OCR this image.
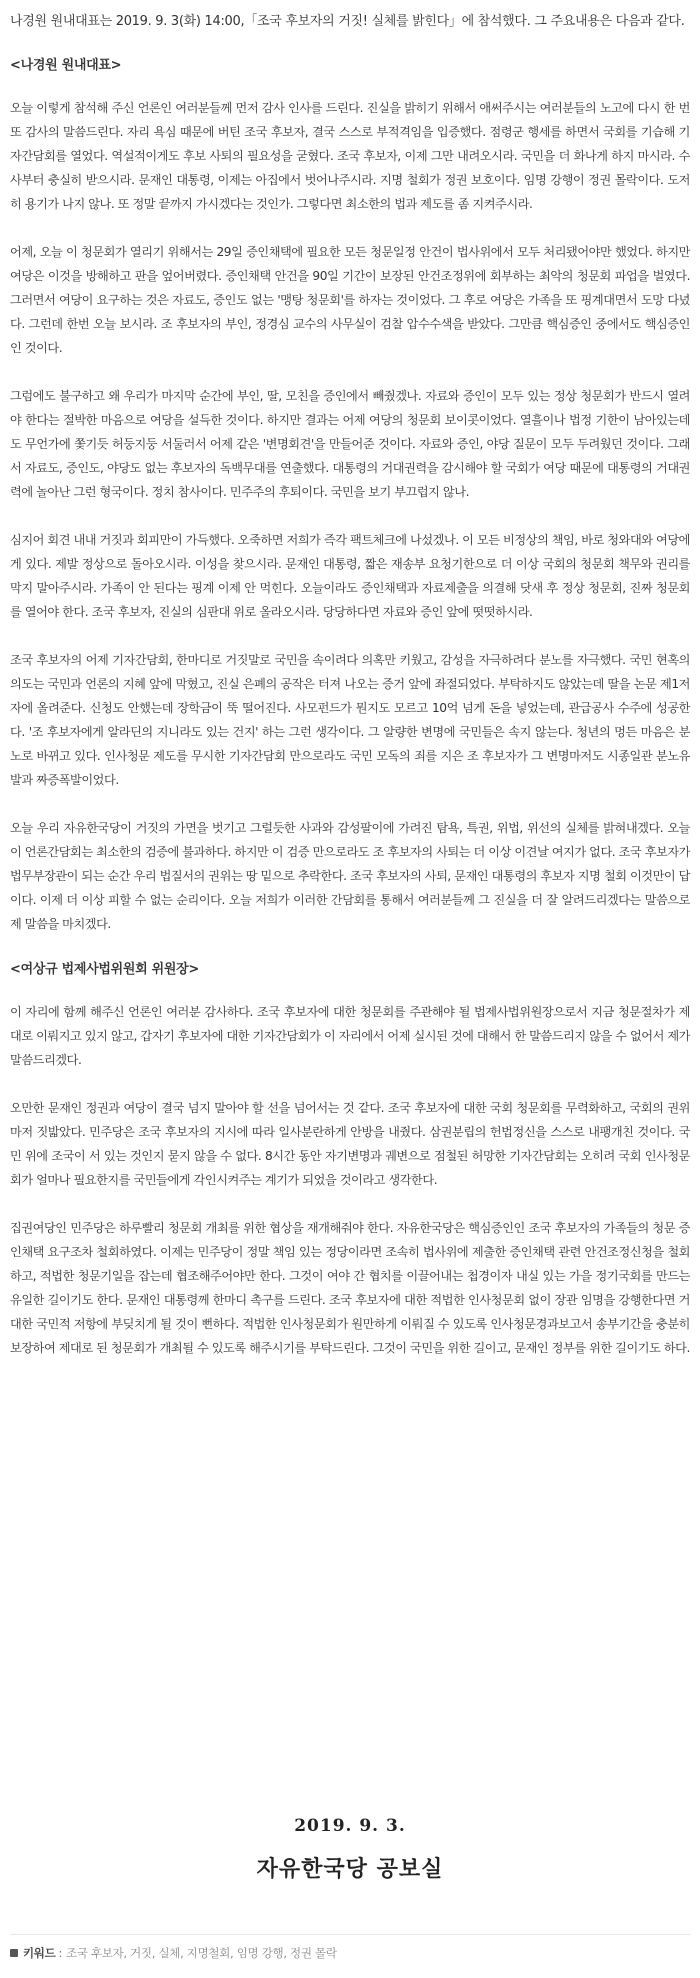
나경원 원내대표는 2019. 9. 3(화) 14:00,「조국 후보자의 거짓! 실체를 밝힌다」에 참석했다. 그 주요내용은 다음과 같다.

<나경원 원내대표>

오늘 이렇게 참석해 주신 언론인 여러분들께 먼저 감사 인사를 드린다. 진실을 밝히기 위해서 애써주시는 여러분들의 노고에 다시 한 번 또 감사의 말씀드린다. 자리 욕심 때문에 버틴 조국 후보자, 결국 스스로 부적격임을 입증했다. 점령군 행세를 하면서 국회를 기습해 기자간담회를 열었다. 역설적이게도 후보 사퇴의 필요성을 굳혔다. 조국 후보자, 이제 그만 내려오시라. 국민을 더 화나게 하지 마시라. 수사부터 충실히 받으시라. 문재인 대통령, 이제는 아집에서 벗어나주시라. 지명 철회가 정권 보호이다. 임명 강행이 정권 몰락이다. 도저히 용기가 나지 않나. 또 정말 끝까지 가시겠다는 것인가. 그렇다면 최소한의 법과 제도를 좀 지켜주시라.

어제, 오늘 이 청문회가 열리기 위해서는 29일 증인채택에 필요한 모든 청문일정 안건이 법사위에서 모두 처리됐어야만 했었다. 하지만 여당은 이것을 방해하고 판을 엎어버렸다. 증인채택 안건을 90일 기간이 보장된 안건조정위에 회부하는 최악의 청문회 파업을 벌였다. 그러면서 여당이 요구하는 것은 자료도, 증인도 없는 '맹탕 청문회'를 하자는 것이었다. 그 후로 여당은 가족을 또 핑계대면서 도망 다녔다. 그런데 한번 오늘 보시라. 조 후보자의 부인, 정경심 교수의 사무실이 검찰 압수수색을 받았다. 그만큼 핵심증인 중에서도 핵심증인인 것이다.

그럼에도 불구하고 왜 우리가 마지막 순간에 부인, 딸, 모친을 증인에서 빼줬겠나. 자료와 증인이 모두 있는 정상 청문회가 반드시 열려야 한다는 절박한 마음으로 여당을 설득한 것이다. 하지만 결과는 어제 여당의 청문회 보이콧이었다. 열흘이나 법정 기한이 남아있는데도 무언가에 쫓기듯 허둥지둥 서둘러서 어제 같은 '변명회견'을 만들어준 것이다. 자료와 증인, 야당 질문이 모두 두려웠던 것이다. 그래서 자료도, 증인도, 야당도 없는 후보자의 독백무대를 연출했다. 대통령의 거대권력을 감시해야 할 국회가 여당 때문에 대통령의 거대권력에 놀아난 그런 형국이다. 정치 참사이다. 민주주의 후퇴이다. 국민을 보기 부끄럽지 않나.

심지어 회견 내내 거짓과 회피만이 가득했다. 오죽하면 저희가 즉각 팩트체크에 나섰겠나. 이 모든 비정상의 책임, 바로 청와대와 여당에게 있다. 제발 정상으로 돌아오시라. 이성을 찾으시라. 문재인 대통령, 짧은 재송부 요청기한으로 더 이상 국회의 청문회 책무와 권리를 막지 말아주시라. 가족이 안 된다는 핑계 이제 안 먹힌다. 오늘이라도 증인채택과 자료제출을 의결해 닷새 후 정상 청문회, 진짜 청문회를 열어야 한다. 조국 후보자, 진실의 심판대 위로 올라오시라. 당당하다면 자료와 증인 앞에 떳떳하시라.

조국 후보자의 어제 기자간담회, 한마디로 거짓말로 국민을 속이려다 의혹만 키웠고, 감성을 자극하려다 분노를 자극했다. 국민 현혹의 의도는 국민과 언론의 지혜 앞에 막혔고, 진실 은폐의 공작은 터져 나오는 증거 앞에 좌절되었다. 부탁하지도 않았는데 딸을 논문 제1저자에 올려준다. 신청도 안했는데 장학금이 뚝 떨어진다. 사모펀드가 뭔지도 모르고 10억 넘게 돈을 넣었는데, 관급공사 수주에 성공한다. '조 후보자에게 알라딘의 지니라도 있는 건지' 하는 그런 생각이다. 그 알량한 변명에 국민들은 속지 않는다. 청년의 멍든 마음은 분노로 바뀌고 있다. 인사청문 제도를 무시한 기자간담회 만으로라도 국민 모독의 죄를 지은 조 후보자가 그 변명마저도 시종일관 분노유발과 짜증폭발이었다.

오늘 우리 자유한국당이 거짓의 가면을 벗기고 그럴듯한 사과와 감성팔이에 가려진 탐욕, 특권, 위법, 위선의 실체를 밝혀내겠다. 오늘 이 언론간담회는 최소한의 검증에 불과하다. 하지만 이 검증 만으로라도 조 후보자의 사퇴는 더 이상 이견날 여지가 없다. 조국 후보자가 법무부장관이 되는 순간 우리 법질서의 권위는 땅 밑으로 추락한다. 조국 후보자의 사퇴, 문재인 대통령의 후보자 지명 철회 이것만이 답이다. 이제 더 이상 피할 수 없는 순리이다. 오늘 저희가 이러한 간담회를 통해서 여러분들께 그 진실을 더 잘 알려드리겠다는 말씀으로 제 말씀을 마치겠다.

<여상규 법제사법위원회 위원장>

이 자리에 함께 해주신 언론인 여러분 감사하다. 조국 후보자에 대한 청문회를 주관해야 될 법제사법위원장으로서 지금 청문절차가 제대로 이뤄지고 있지 않고, 갑자기 후보자에 대한 기자간담회가 이 자리에서 어제 실시된 것에 대해서 한 말씀드리지 않을 수 없어서 제가 말씀드리겠다.

오만한 문재인 정권과 여당이 결국 넘지 말아야 할 선을 넘어서는 것 같다. 조국 후보자에 대한 국회 청문회를 무력화하고, 국회의 권위마저 짓밟았다. 민주당은 조국 후보자의 지시에 따라 일사분란하게 안방을 내줬다. 삼권분립의 헌법정신을 스스로 내팽개친 것이다. 국민 위에 조국이 서 있는 것인지 묻지 않을 수 없다. 8시간 동안 자기변명과 궤변으로 점철된 허망한 기자간담회는 오히려 국회 인사청문회가 얼마나 필요한지를 국민들에게 각인시켜주는 계기가 되었을 것이라고 생각한다.

집권여당인 민주당은 하루빨리 청문회 개최를 위한 협상을 재개해줘야 한다. 자유한국당은 핵심증인인 조국 후보자의 가족들의 청문 증인채택 요구조차 철회하였다. 이제는 민주당이 정말 책임 있는 정당이라면 조속히 법사위에 제출한 증인채택 관련 안건조정신청을 철회하고, 적법한 청문기일을 잡는데 협조해주어야만 한다. 그것이 여야 간 협치를 이끌어내는 첩경이자 내실 있는 가을 정기국회를 만드는 유일한 길이기도 한다. 문재인 대통령께 한마디 촉구를 드린다. 조국 후보자에 대한 적법한 인사청문회 없이 장관 임명을 강행한다면 거대한 국민적 저항에 부딪치게 될 것이 뻔하다. 적법한 인사청문회가 원만하게 이뤄질 수 있도록 인사청문경과보고서 송부기간을 충분히 보장하여 제대로 된 청문회가 개최될 수 있도록 해주시기를 부탁드린다. 그것이 국민을 위한 길이고, 문재인 정부를 위한 길이기도 하다.

2019. 9. 3.
자유한국당 공보실
키워드 : 조국 후보자, 거짓, 실체, 지명철회, 임명 강행, 정권 몰락
